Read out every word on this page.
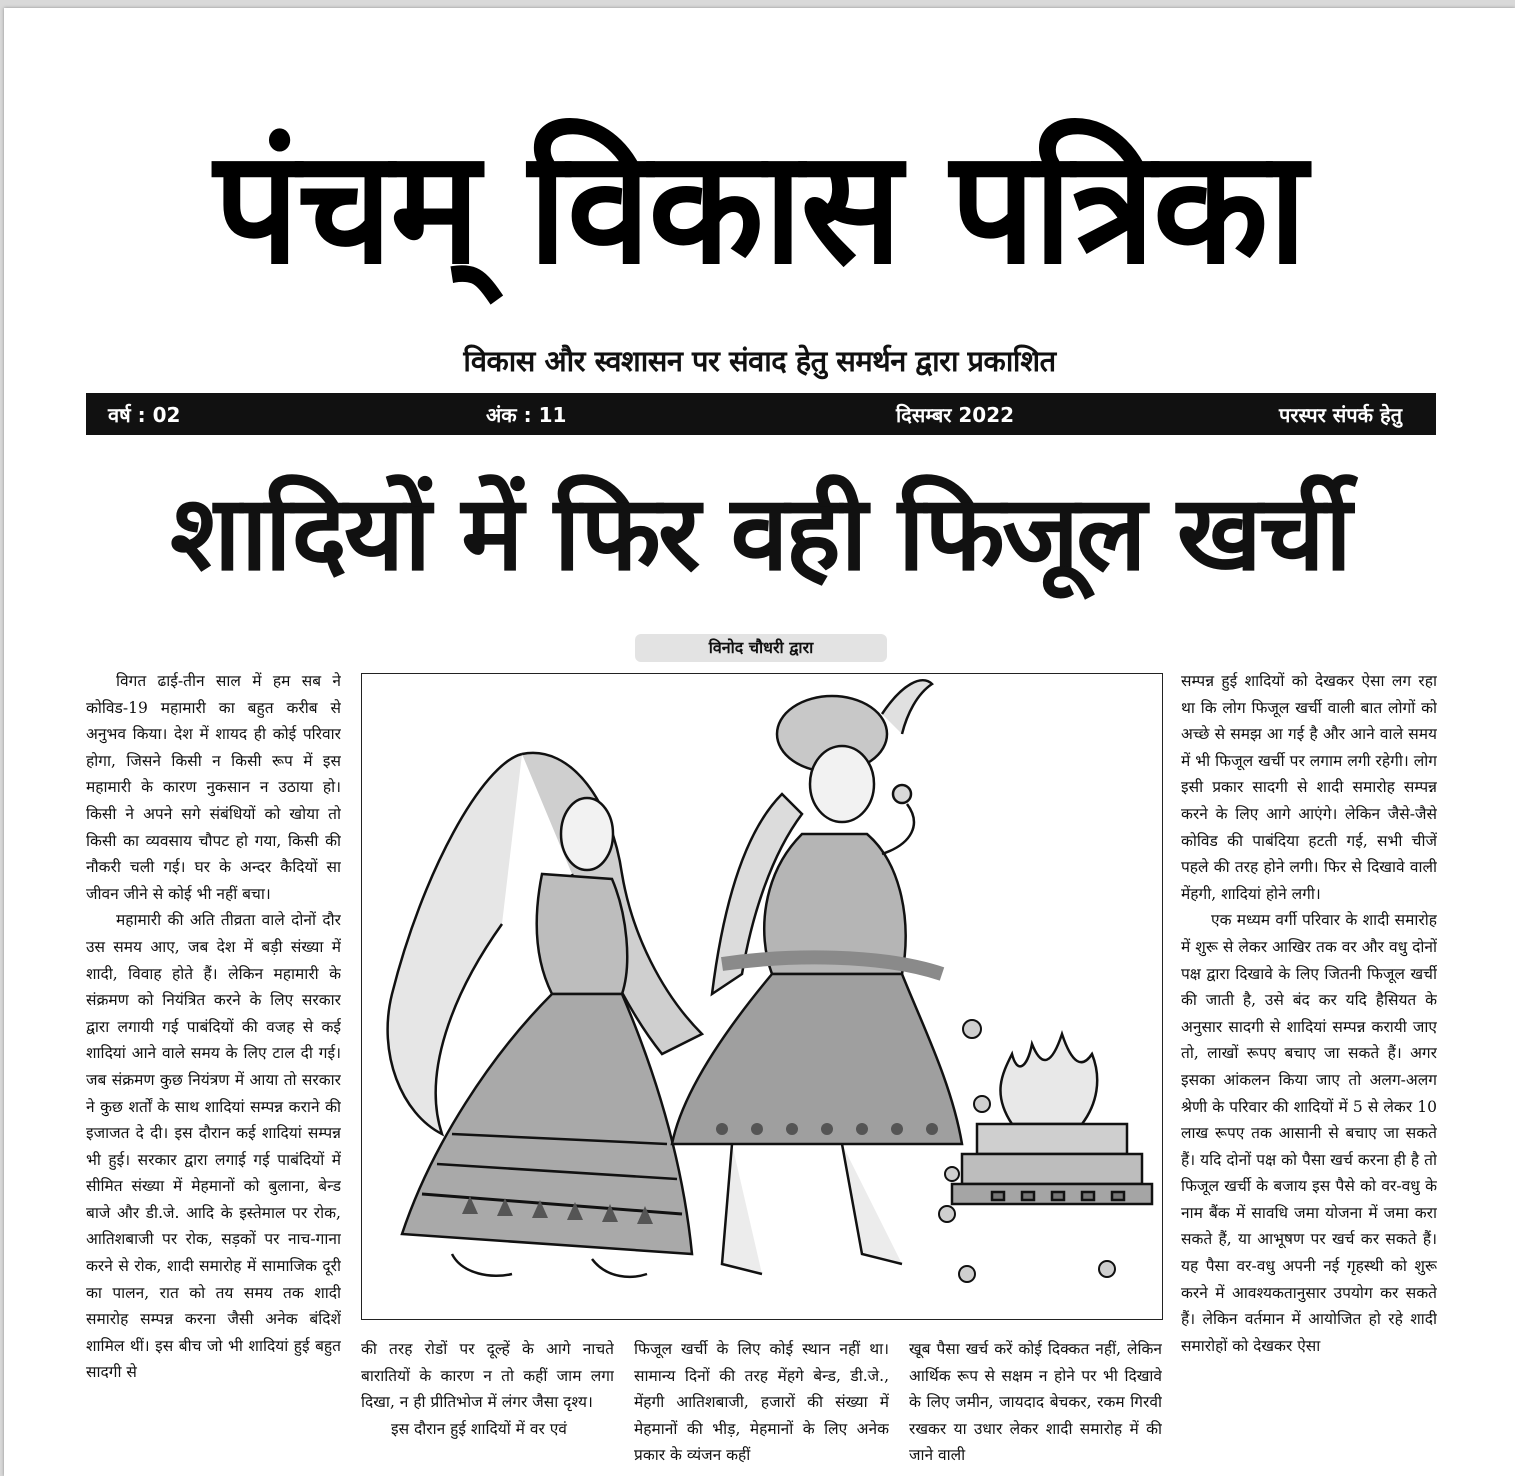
पंचम् विकास पत्रिका
विकास और स्वशासन पर संवाद हेतु समर्थन द्वारा प्रकाशित
वर्ष : 02	अंक : 11	दिसम्बर 2022	परस्पर संपर्क हेतु
शादियों में फिर वही फिजूल खर्ची
विनोद चौधरी द्वारा

विगत ढाई-तीन साल में हम सब ने कोविड-19 महामारी का बहुत करीब से अनुभव किया। देश में शायद ही कोई परिवार होगा, जिसने किसी न किसी रूप में इस महामारी के कारण नुकसान न उठाया हो। किसी ने अपने सगे संबंधियों को खोया तो किसी का व्यवसाय चौपट हो गया, किसी की नौकरी चली गई। घर के अन्दर कैदियों सा जीवन जीने से कोई भी नहीं बचा।

महामारी की अति तीव्रता वाले दोनों दौर उस समय आए, जब देश में बड़ी संख्या में शादी, विवाह होते हैं। लेकिन महामारी के संक्रमण को नियंत्रित करने के लिए सरकार द्वारा लगायी गई पाबंदियों की वजह से कई शादियां आने वाले समय के लिए टाल दी गई। जब संक्रमण कुछ नियंत्रण में आया तो सरकार ने कुछ शर्तों के साथ शादियां सम्पन्न कराने की इजाजत दे दी। इस दौरान कई शादियां सम्पन्न भी हुई। सरकार द्वारा लगाई गई पाबंदियों में सीमित संख्या में मेहमानों को बुलाना, बेन्ड बाजे और डी.जे. आदि के इस्तेमाल पर रोक, आतिशबाजी पर रोक, सड़कों पर नाच-गाना करने से रोक, शादी समारोह में सामाजिक दूरी का पालन, रात को तय समय तक शादी समारोह सम्पन्न करना जैसी अनेक बंदिशें शामिल थीं। इस बीच जो भी शादियां हुई बहुत सादगी से

की तरह रोडों पर दूल्हें के आगे नाचते बारातियों के कारण न तो कहीं जाम लगा दिखा, न ही प्रीतिभोज में लंगर जैसा दृश्य।

इस दौरान हुई शादियों में वर एवं

फिजूल खर्ची के लिए कोई स्थान नहीं था। सामान्य दिनों की तरह मेंहगे बेन्ड, डी.जे., मेंहगी आतिशबाजी, हजारों की संख्या में मेहमानों की भीड़, मेहमानों के लिए अनेक प्रकार के व्यंजन कहीं

खूब पैसा खर्च करें कोई दिक्कत नहीं, लेकिन आर्थिक रूप से सक्षम न होने पर भी दिखावे के लिए जमीन, जायदाद बेचकर, रकम गिरवी रखकर या उधार लेकर शादी समारोह में की जाने वाली

सम्पन्न हुई शादियों को देखकर ऐसा लग रहा था कि लोग फिजूल खर्ची वाली बात लोगों को अच्छे से समझ आ गई है और आने वाले समय में भी फिजूल खर्ची पर लगाम लगी रहेगी। लोग इसी प्रकार सादगी से शादी समारोह सम्पन्न करने के लिए आगे आएंगे। लेकिन जैसे-जैसे कोविड की पाबंदिया हटती गई, सभी चीजें पहले की तरह होने लगी। फिर से दिखावे वाली मेंहगी, शादियां होने लगी।

एक मध्यम वर्गी परिवार के शादी समारोह में शुरू से लेकर आखिर तक वर और वधु दोनों पक्ष द्वारा दिखावे के लिए जितनी फिजूल खर्ची की जाती है, उसे बंद कर यदि हैसियत के अनुसार सादगी से शादियां सम्पन्न करायी जाए तो, लाखों रूपए बचाए जा सकते हैं। अगर इसका आंकलन किया जाए तो अलग-अलग श्रेणी के परिवार की शादियों में 5 से लेकर 10 लाख रूपए तक आसानी से बचाए जा सकते हैं। यदि दोनों पक्ष को पैसा खर्च करना ही है तो फिजूल खर्ची के बजाय इस पैसे को वर-वधु के नाम बैंक में सावधि जमा योजना में जमा करा सकते हैं, या आभूषण पर खर्च कर सकते हैं। यह पैसा वर-वधु अपनी नई गृहस्थी को शुरू करने में आवश्यकतानुसार उपयोग कर सकते हैं। लेकिन वर्तमान में आयोजित हो रहे शादी समारोहों को देखकर ऐसा
